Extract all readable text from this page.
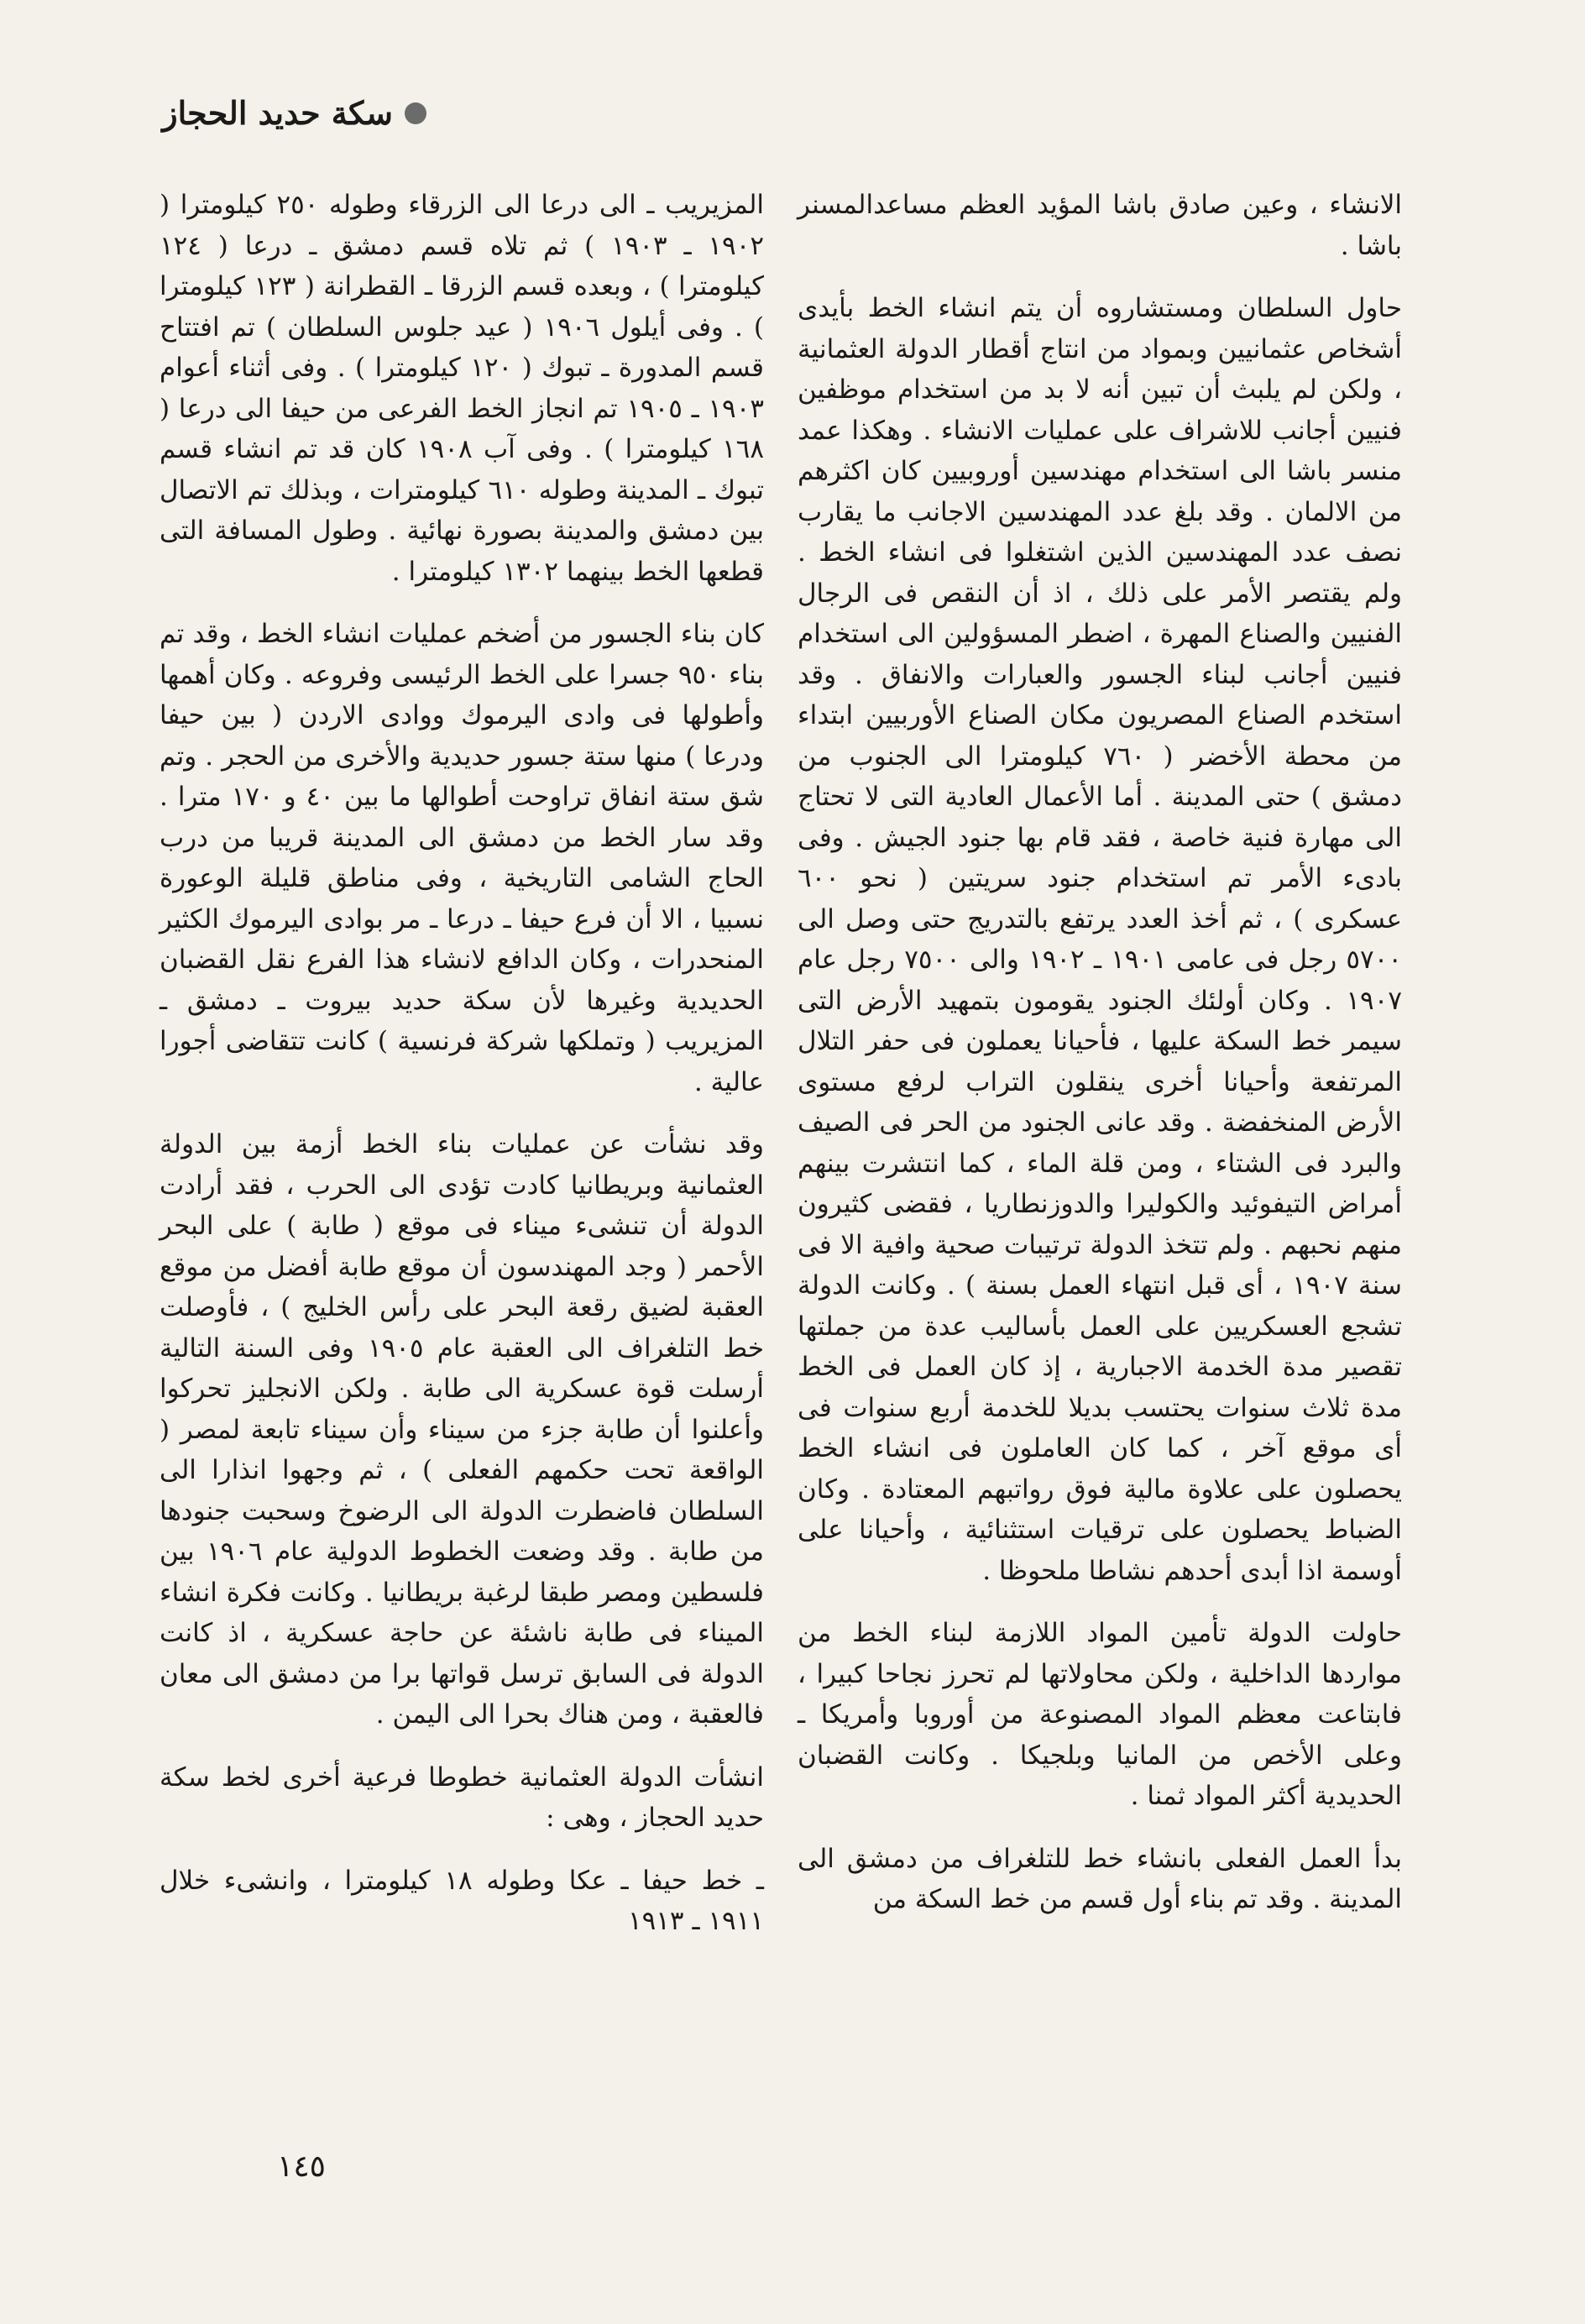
سكة حديد الحجاز

الانشاء ، وعين صادق باشا المؤيد العظم مساعدالمسنر باشا .

حاول السلطان ومستشاروه أن يتم انشاء الخط بأيدى أشخاص عثمانيين وبمواد من انتاج أقطار الدولة العثمانية ، ولكن لم يلبث أن تبين أنه لا بد من استخدام موظفين فنيين أجانب للاشراف على عمليات الانشاء . وهكذا عمد منسر باشا الى استخدام مهندسين أوروبيين كان اكثرهم من الالمان . وقد بلغ عدد المهندسين الاجانب ما يقارب نصف عدد المهندسين الذين اشتغلوا فى انشاء الخط . ولم يقتصر الأمر على ذلك ، اذ أن النقص فى الرجال الفنيين والصناع المهرة ، اضطر المسؤولين الى استخدام فنيين أجانب لبناء الجسور والعبارات والانفاق . وقد استخدم الصناع المصريون مكان الصناع الأوربيين ابتداء من محطة الأخضر ( ٧٦٠ كيلومترا الى الجنوب من دمشق ) حتى المدينة . أما الأعمال العادية التى لا تحتاج الى مهارة فنية خاصة ، فقد قام بها جنود الجيش . وفى بادىء الأمر تم استخدام جنود سريتين ( نحو ٦٠٠ عسكرى ) ، ثم أخذ العدد يرتفع بالتدريج حتى وصل الى ٥٧٠٠ رجل فى عامى ١٩٠١ ـ ١٩٠٢ والى ٧٥٠٠ رجل عام ١٩٠٧ . وكان أولئك الجنود يقومون بتمهيد الأرض التى سيمر خط السكة عليها ، فأحيانا يعملون فى حفر التلال المرتفعة وأحيانا أخرى ينقلون التراب لرفع مستوى الأرض المنخفضة . وقد عانى الجنود من الحر فى الصيف والبرد فى الشتاء ، ومن قلة الماء ، كما انتشرت بينهم أمراض التيفوئيد والكوليرا والدوزنطاريا ، فقضى كثيرون منهم نحبهم . ولم تتخذ الدولة ترتيبات صحية وافية الا فى سنة ١٩٠٧ ، أى قبل انتهاء العمل بسنة ) . وكانت الدولة تشجع العسكريين على العمل بأساليب عدة من جملتها تقصير مدة الخدمة الاجبارية ، إذ كان العمل فى الخط مدة ثلاث سنوات يحتسب بديلا للخدمة أربع سنوات فى أى موقع آخر ، كما كان العاملون فى انشاء الخط يحصلون على علاوة مالية فوق رواتبهم المعتادة . وكان الضباط يحصلون على ترقيات استثنائية ، وأحيانا على أوسمة اذا أبدى أحدهم نشاطا ملحوظا .

حاولت الدولة تأمين المواد اللازمة لبناء الخط من مواردها الداخلية ، ولكن محاولاتها لم تحرز نجاحا كبيرا ، فابتاعت معظم المواد المصنوعة من أوروبا وأمريكا ـ وعلى الأخص من المانيا وبلجيكا . وكانت القضبان الحديدية أكثر المواد ثمنا .

بدأ العمل الفعلى بانشاء خط للتلغراف من دمشق الى المدينة . وقد تم بناء أول قسم من خط السكة من

المزيريب ـ الى درعا الى الزرقاء وطوله ٢٥٠ كيلومترا ( ١٩٠٢ ـ ١٩٠٣ ) ثم تلاه قسم دمشق ـ درعا ( ١٢٤ كيلومترا ) ، وبعده قسم الزرقا ـ القطرانة ( ١٢٣ كيلومترا ) . وفى أيلول ١٩٠٦ ( عيد جلوس السلطان ) تم افتتاح قسم المدورة ـ تبوك ( ١٢٠ كيلومترا ) . وفى أثناء أعوام ١٩٠٣ ـ ١٩٠٥ تم انجاز الخط الفرعى من حيفا الى درعا ( ١٦٨ كيلومترا ) . وفى آب ١٩٠٨ كان قد تم انشاء قسم تبوك ـ المدينة وطوله ٦١٠ كيلومترات ، وبذلك تم الاتصال بين دمشق والمدينة بصورة نهائية . وطول المسافة التى قطعها الخط بينهما ١٣٠٢ كيلومترا .

كان بناء الجسور من أضخم عمليات انشاء الخط ، وقد تم بناء ٩٥٠ جسرا على الخط الرئيسى وفروعه . وكان أهمها وأطولها فى وادى اليرموك ووادى الاردن ( بين حيفا ودرعا ) منها ستة جسور حديدية والأخرى من الحجر . وتم شق ستة انفاق تراوحت أطوالها ما بين ٤٠ و ١٧٠ مترا . وقد سار الخط من دمشق الى المدينة قريبا من درب الحاج الشامى التاريخية ، وفى مناطق قليلة الوعورة نسبيا ، الا أن فرع حيفا ـ درعا ـ مر بوادى اليرموك الكثير المنحدرات ، وكان الدافع لانشاء هذا الفرع نقل القضبان الحديدية وغيرها لأن سكة حديد بيروت ـ دمشق ـ المزيريب ( وتملكها شركة فرنسية ) كانت تتقاضى أجورا عالية .

وقد نشأت عن عمليات بناء الخط أزمة بين الدولة العثمانية وبريطانيا كادت تؤدى الى الحرب ، فقد أرادت الدولة أن تنشىء ميناء فى موقع ( طابة ) على البحر الأحمر ( وجد المهندسون أن موقع طابة أفضل من موقع العقبة لضيق رقعة البحر على رأس الخليج ) ، فأوصلت خط التلغراف الى العقبة عام ١٩٠٥ وفى السنة التالية أرسلت قوة عسكرية الى طابة . ولكن الانجليز تحركوا وأعلنوا أن طابة جزء من سيناء وأن سيناء تابعة لمصر ( الواقعة تحت حكمهم الفعلى ) ، ثم وجهوا انذارا الى السلطان فاضطرت الدولة الى الرضوخ وسحبت جنودها من طابة . وقد وضعت الخطوط الدولية عام ١٩٠٦ بين فلسطين ومصر طبقا لرغبة بريطانيا . وكانت فكرة انشاء الميناء فى طابة ناشئة عن حاجة عسكرية ، اذ كانت الدولة فى السابق ترسل قواتها برا من دمشق الى معان فالعقبة ، ومن هناك بحرا الى اليمن .

انشأت الدولة العثمانية خطوطا فرعية أخرى لخط سكة حديد الحجاز ، وهى :

ـ خط حيفا ـ عكا وطوله ١٨ كيلومترا ، وانشىء خلال ١٩١١ ـ ١٩١٣

١٤٥
